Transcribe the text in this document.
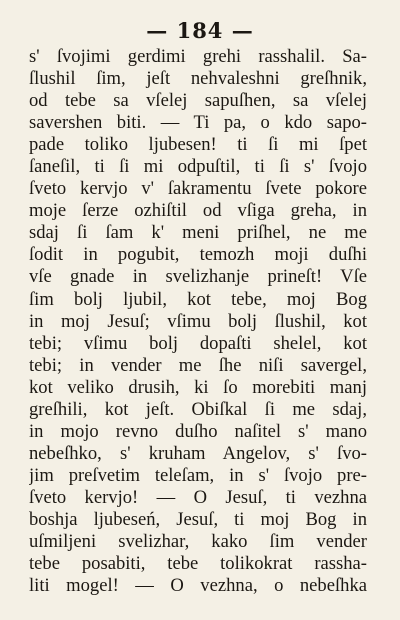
— 184 —
s' ſvojimi gerdimi grehi rasshalil. Sa-
ſlushil ſim, jeſt nehvaleshni greſhnik,
od tebe sa vſelej sapuſhen, sa vſelej
savershen biti. — Ti pa, o kdo sapo-
pade toliko ljubesen! ti ſi mi ſpet
ſaneſil, ti ſi mi odpuſtil, ti ſi s' ſvojo
ſveto kervjo v' ſakramentu ſvete pokore
moje ſerze ozhiſtil od vſiga greha, in
sdaj ſi ſam k' meni priſhel, ne me
ſodit in pogubit, temozh moji duſhi
vſe gnade in svelizhanje prineſt! Vſe
ſim bolj ljubil, kot tebe, moj Bog
in moj Jesuſ; vſimu bolj ſlushil, kot
tebi; vſimu bolj dopaſti shelel, kot
tebi; in vender me ſhe niſi savergel,
kot veliko drusih, ki ſo morebiti manj
greſhili, kot jeſt. Obiſkal ſi me sdaj,
in mojo revno duſho naſitel s' mano
nebeſhko, s' kruham Angelov, s' ſvo-
jim preſvetim teleſam, in s' ſvojo pre-
ſveto kervjo! — O Jesuſ, ti vezhna
boshja ljubeseń, Jesuſ, ti moj Bog in
uſmiljeni svelizhar, kako ſim vender
tebe posabiti, tebe tolikokrat rassha-
liti mogel! — O vezhna, o nebeſhka
